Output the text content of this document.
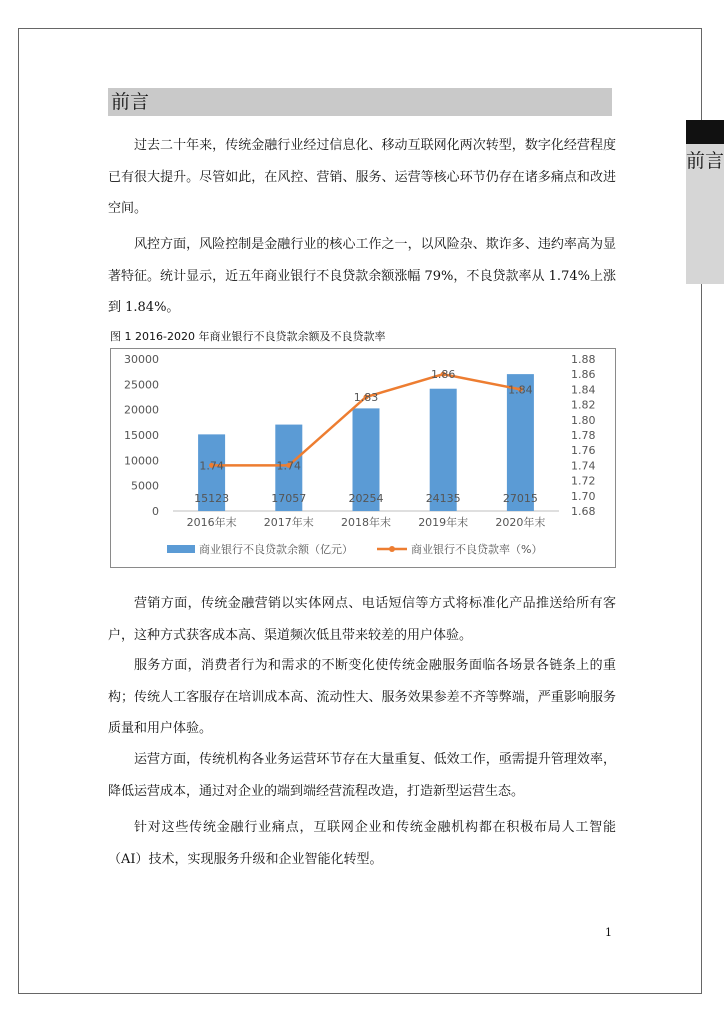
前言
前言

过去二十年来，传统金融行业经过信息化、移动互联网化两次转型，数字化经营程度已有很大提升。尽管如此，在风控、营销、服务、运营等核心环节仍存在诸多痛点和改进空间。

风控方面，风险控制是金融行业的核心工作之一，以风险杂、欺诈多、违约率高为显著特征。统计显示，近五年商业银行不良贷款余额涨幅 79%，不良贷款率从 1.74%上涨到 1.84%。

图 1 2016-2020 年商业银行不良贷款余额及不良贷款率
0
5000
10000
15000
20000
25000
30000
1.68
1.70
1.72
1.74
1.76
1.78
1.80
1.82
1.84
1.86
1.88
2016年末 2017年末 2018年末 2019年末 2020年末
15123	17057	20254	24135	27015
1.74	1.74
1.83
1.86
1.84
商业银行不良贷款余额（亿元）	商业银行不良贷款率（%）

营销方面，传统金融营销以实体网点、电话短信等方式将标准化产品推送给所有客户，这种方式获客成本高、渠道频次低且带来较差的用户体验。

服务方面，消费者行为和需求的不断变化使传统金融服务面临各场景各链条上的重构；传统人工客服存在培训成本高、流动性大、服务效果参差不齐等弊端，严重影响服务质量和用户体验。

运营方面，传统机构各业务运营环节存在大量重复、低效工作，亟需提升管理效率，降低运营成本，通过对企业的端到端经营流程改造，打造新型运营生态。

针对这些传统金融行业痛点，互联网企业和传统金融机构都在积极布局人工智能（AI）技术，实现服务升级和企业智能化转型。

1
